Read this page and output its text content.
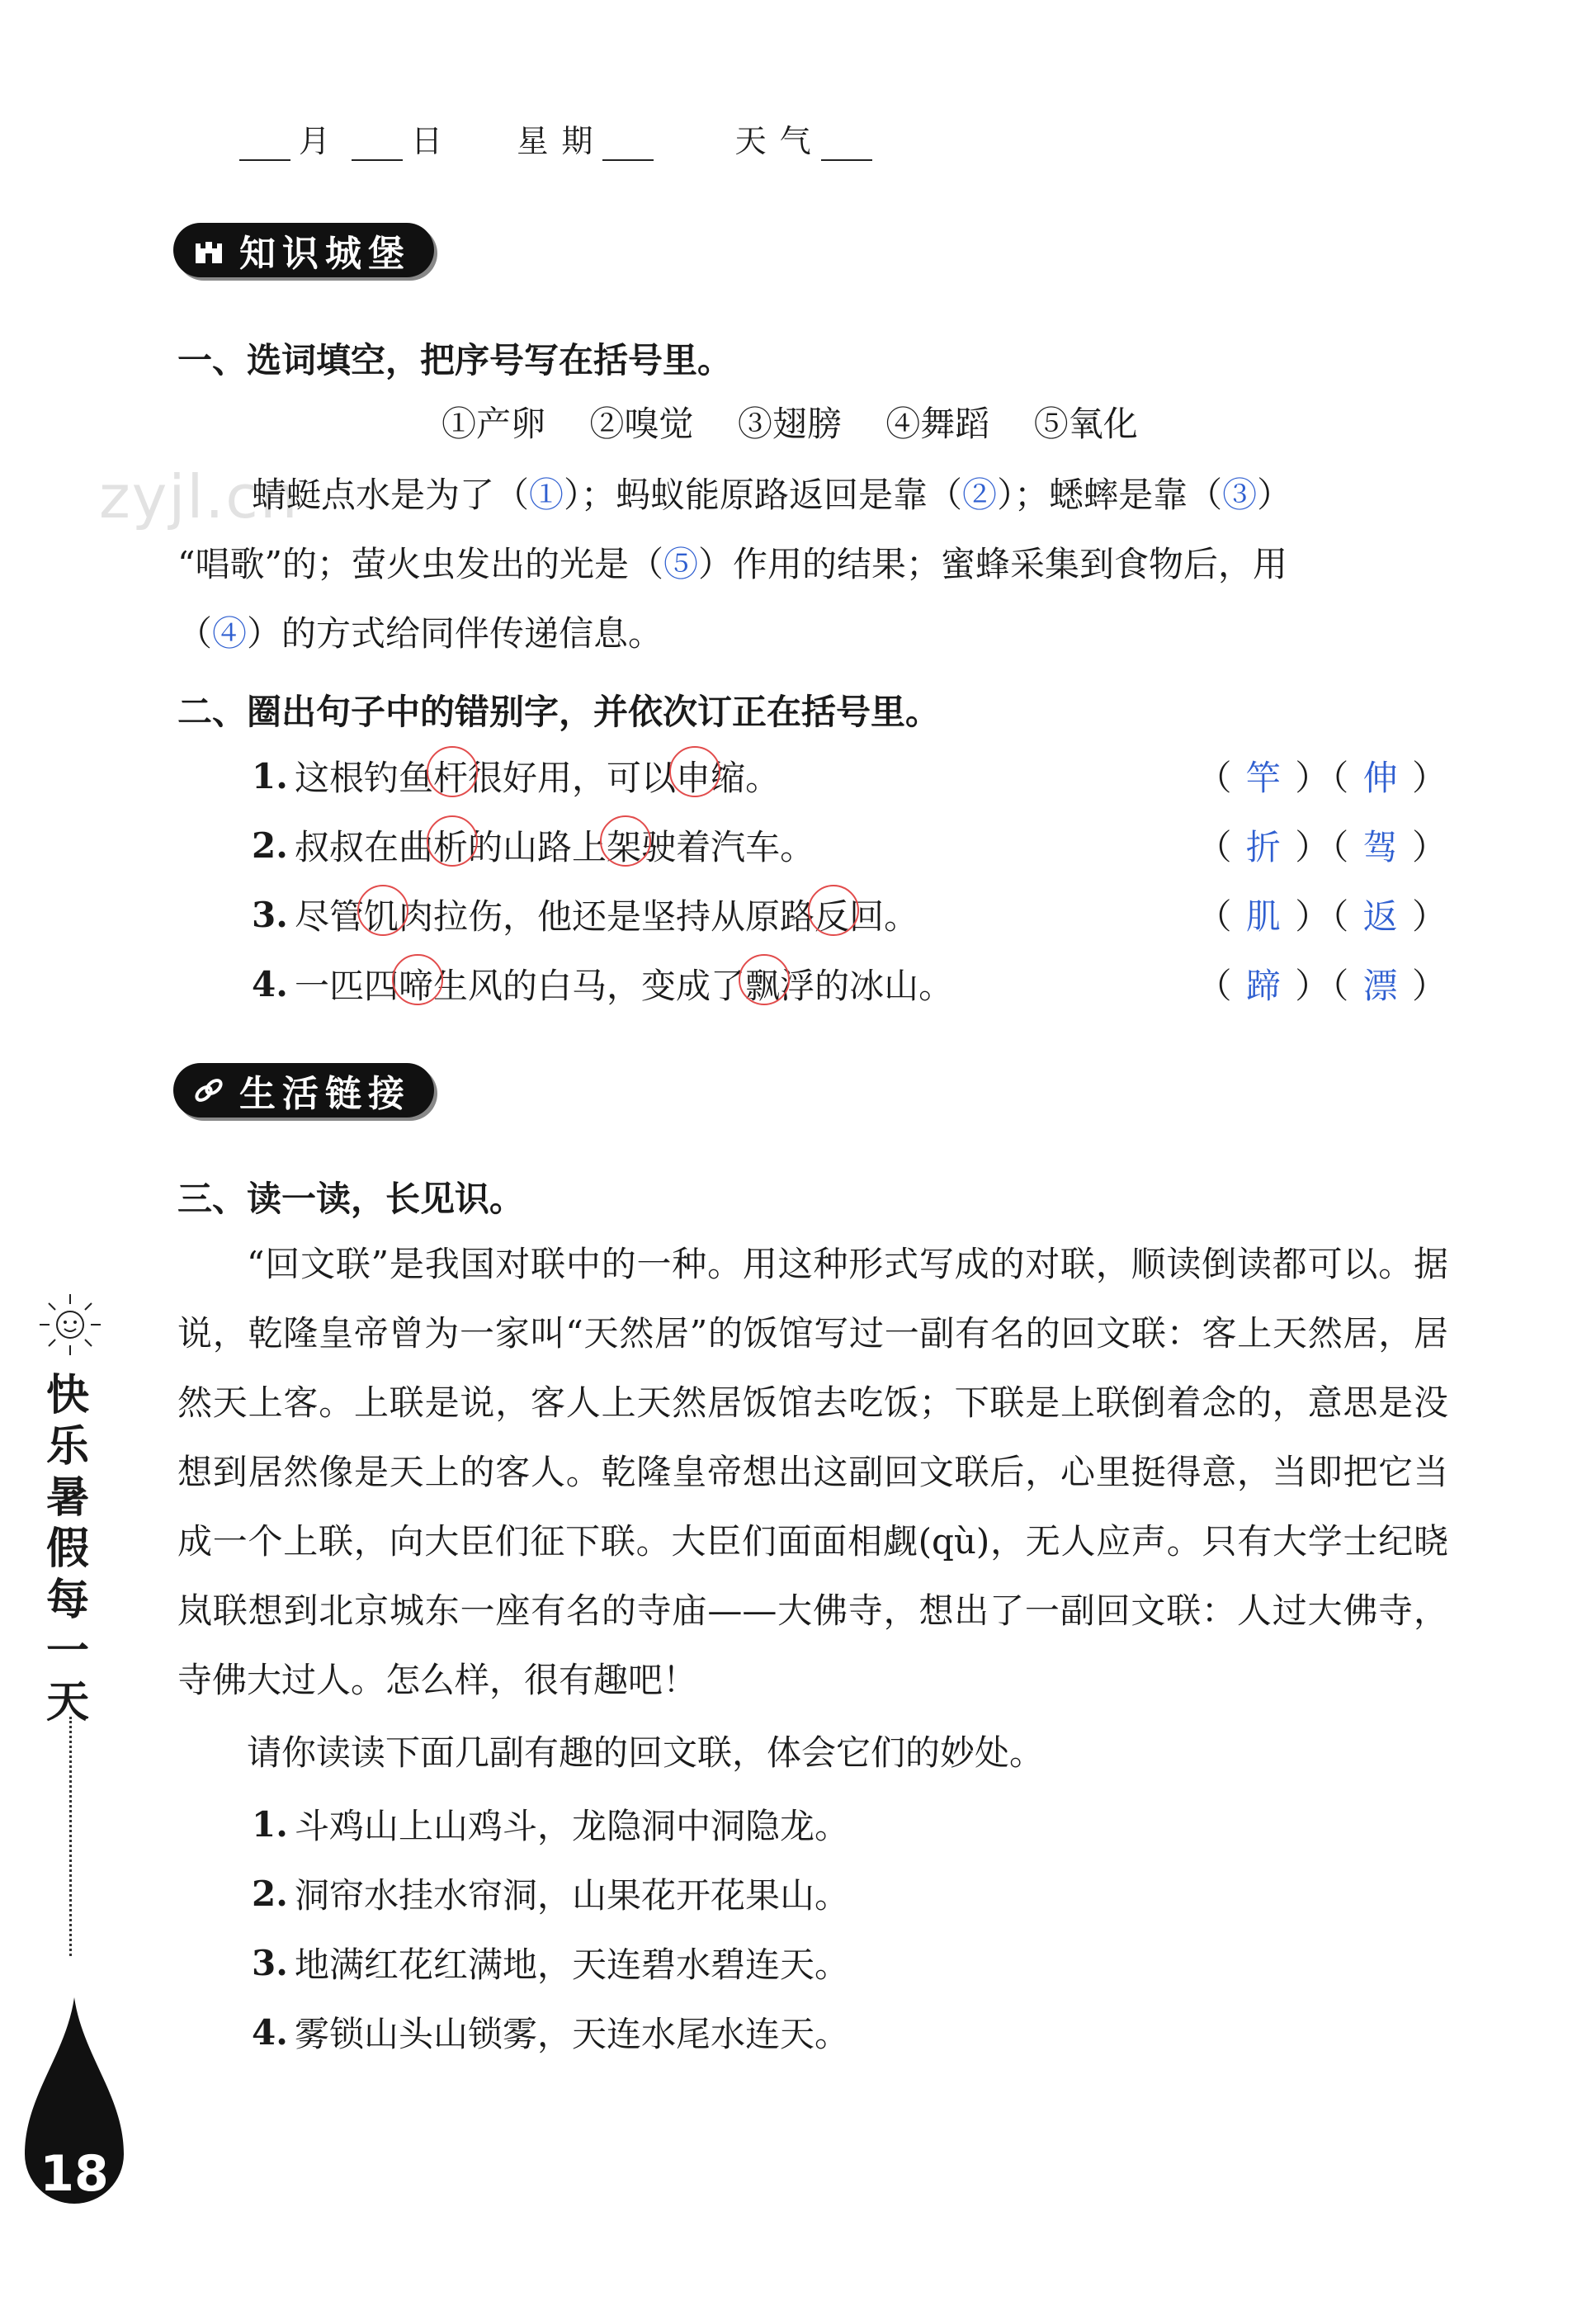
月	日 星 期	天 气
zyjl.cn
知识城堡
一、选词填空，把序号写在括号里。
①产卵 ②嗅觉 ③翅膀 ④舞蹈 ⑤氧化
蜻蜓点水是为了（①）；蚂蚁能原路返回是靠（②）；蟋蟀是靠（③）
“唱歌”的；萤火虫发出的光是（⑤）作用的结果；蜜蜂采集到食物后，用
（④）的方式给同伴传递信息。
二、圈出句子中的错别字，并依次订正在括号里。
1. 这根钓鱼杆很好用，可以申缩。	（ 竿 ）（ 伸 ）
2. 叔叔在曲析的山路上架驶着汽车。	（ 折 ）（ 驾 ）
3. 尽管饥肉拉伤，他还是坚持从原路反回。	（ 肌 ）（ 返 ）
4. 一匹四啼生风的白马，变成了飘浮的冰山。	（ 蹄 ）（ 漂 ）
生活链接
三、读一读，长见识。
“回文联”是我国对联中的一种。用这种形式写成的对联，顺读倒读都可以。据说，乾隆皇帝曾为一家叫“天然居”的饭馆写过一副有名的回文联：客上天然居，居然天上客。上联是说，客人上天然居饭馆去吃饭；下联是上联倒着念的，意思是没想到居然像是天上的客人。乾隆皇帝想出这副回文联后，心里挺得意，当即把它当成一个上联，向大臣们征下联。大臣们面面相觑(qù)，无人应声。只有大学士纪晓岚联想到北京城东一座有名的寺庙——大佛寺，想出了一副回文联：人过大佛寺，寺佛大过人。怎么样，很有趣吧！
请你读读下面几副有趣的回文联，体会它们的妙处。
1. 斗鸡山上山鸡斗，龙隐洞中洞隐龙。
2. 洞帘水挂水帘洞，山果花开花果山。
3. 地满红花红满地，天连碧水碧连天。
4. 雾锁山头山锁雾，天连水尾水连天。
快乐暑假每一天
18
